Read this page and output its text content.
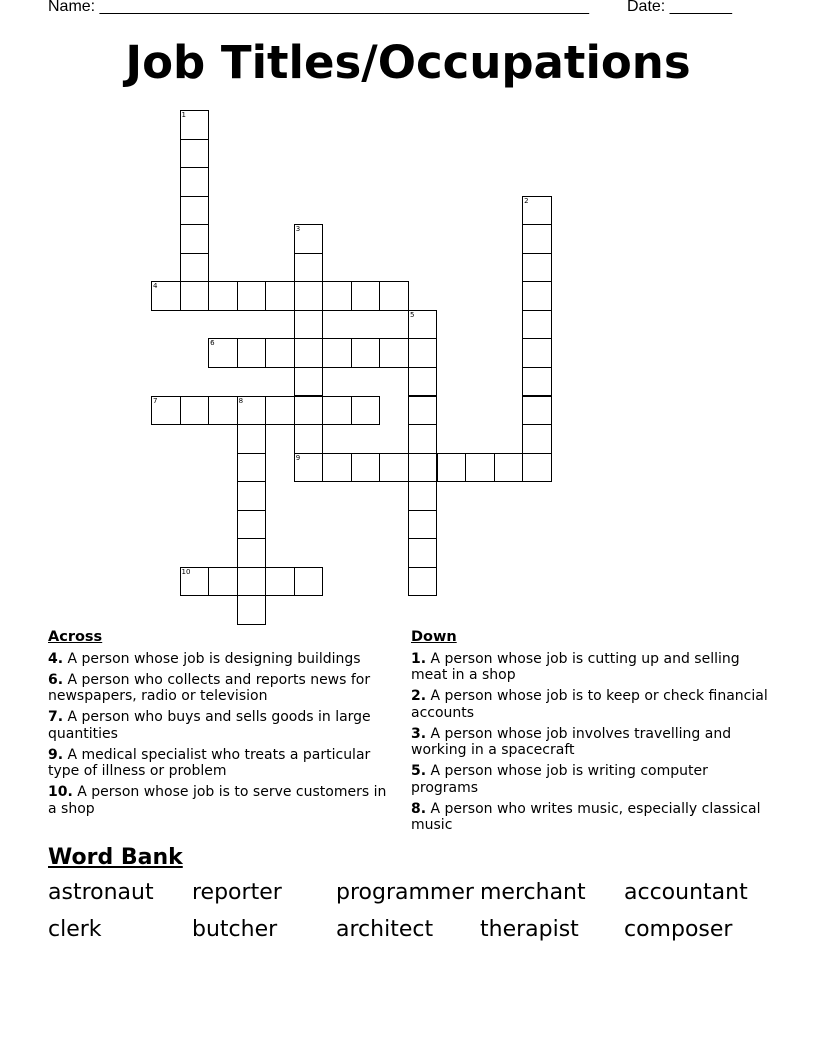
Name: _______________________________________________________ Date: _______
Job Titles/Occupations
1
2
3
4
5
6
7	8
9
10
Across
4. A person whose job is designing buildings
6. A person who collects and reports news for newspapers, radio or television
7. A person who buys and sells goods in large quantities
9. A medical specialist who treats a particular type of illness or problem
10. A person whose job is to serve customers in a shop
Down
1. A person whose job is cutting up and selling meat in a shop
2. A person whose job is to keep or check financial accounts
3. A person whose job involves travelling and working in a spacecraft
5. A person whose job is writing computer programs
8. A person who writes music, especially classical music
Word Bank
astronaut	reporter	programmer merchant	accountant
clerk	butcher	architect	therapist	composer
